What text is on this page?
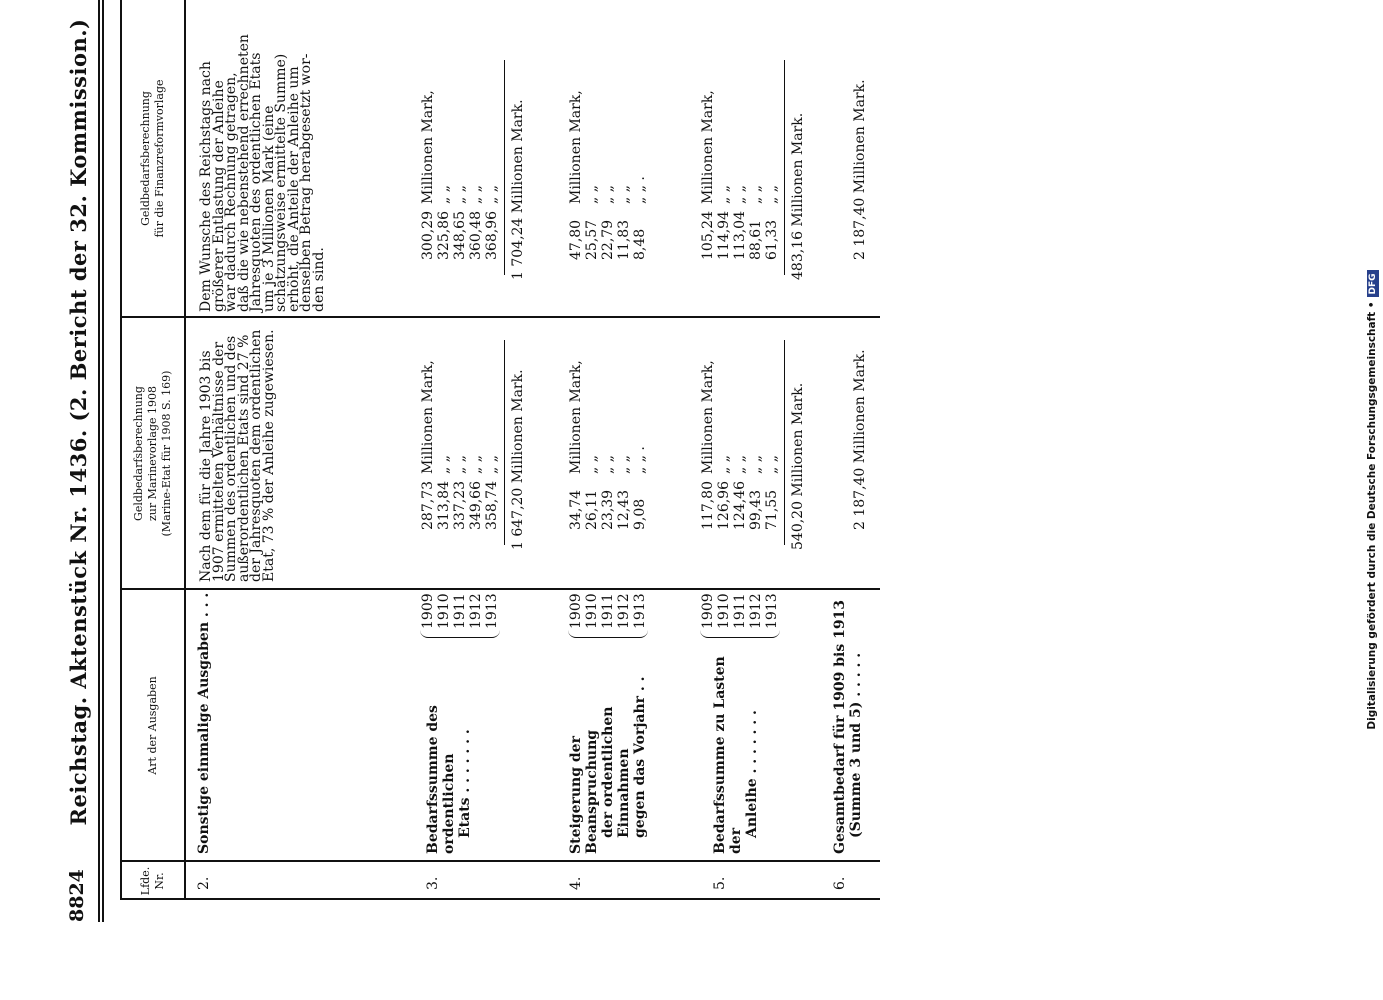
8824
Reichstag. Aktenstück Nr. 1436. (2. Bericht der 32. Kommission.)
Lfde.
Nr.
Art der Ausgaben
Geldbedarfsberechnung
zur Marinevorlage 1908
(Marine-Etat für 1908 S. 169)
Geldbedarfsberechnung
für die Finanzreformvorlage
2.
Sonstige einmalige Ausgaben . . .
Nach dem für die Jahre 1903 bis
1907 ermittelten Verhältnisse der
Summen des ordentlichen und des
außerordentlichen Etats sind 27 %
der Jahresquoten dem ordentlichen
Etat, 73 % der Anleihe zugewiesen.
Dem Wunsche des Reichstags nach
größerer Entlastung der Anleihe
war dadurch Rechnung getragen,
daß die wie nebenstehend errechneten
Jahresquoten des ordentlichen Etats
um je 3 Millionen Mark (eine
schätzungsweise ermittelte Summe)
erhöht, die Anteile der Anleihe um
denselben Betrag herabgesetzt wor-
den sind.
3.
Bedarfssumme des ordentlichen Etats . . . . . . .
1909 1910 1911 1912 1913
287,73
Millionen Mark,
313,84
„ „
337,23
„ „
349,66
„ „
358,74
„ „ 1 647,20 Millionen Mark.
300,29
Millionen Mark,
325,86
„ „
348,65
„ „
360,48
„ „
368,96
„ „ 1 704,24 Millionen Mark.
4.
Steigerung der Beanspruchung der ordentlichen Einnahmen gegen das Vorjahr . .
1909 1910 1911 1912 1913
34,74
Millionen Mark,
26,11
„ „
23,39
„ „
12,43
„ „
9,08
„ „ .
47,80
Millionen Mark,
25,57
„ „
22,79
„ „
11,83
„ „
8,48
„ „ .
5.
Bedarfssumme zu Lasten der
Anleihe . . . . . . .
1909 1910 1911 1912 1913
117,80
Millionen Mark,
126,96
„ „
124,46
„ „
99,43
„ „
71,55
„ „ 540,20 Millionen Mark.
105,24
Millionen Mark,
114,94
„ „
113,04
„ „
88,61
„ „
61,33
„ „ 483,16 Millionen Mark.
6.
Gesamtbedarf für 1909 bis 1913 (Summe 3 und 5) . . . . .
2 187,40 Millionen Mark.
2 187,40 Millionen Mark.
Digitalisierung gefördert durch die Deutsche Forschungsgemeinschaft •DFG
